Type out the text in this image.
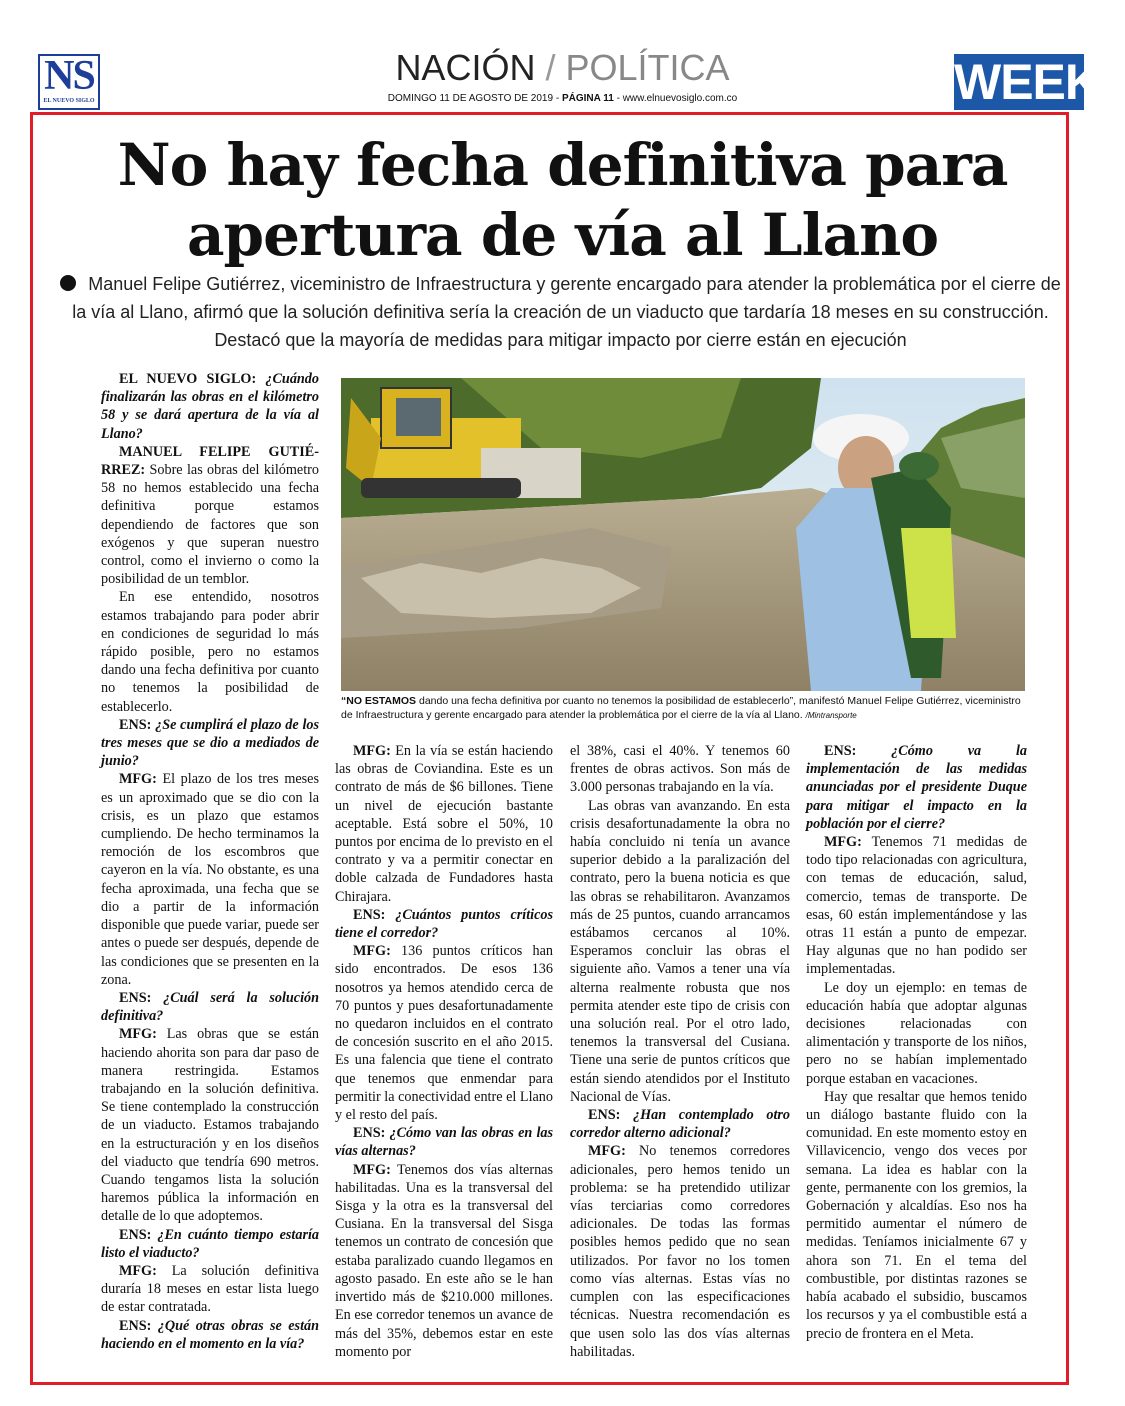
NS
EL NUEVO SIGLO
NACIÓN / POLÍTICA
DOMINGO 11 DE AGOSTO DE 2019 - PÁGINA 11 - www.elnuevosiglo.com.co	WEEK
No hay fecha definitiva para
apertura de vía al Llano
Manuel Felipe Gutiérrez, viceministro de Infraestructura y gerente encargado para atender la problemática por el cierre de la vía al Llano, afirmó que la solución definitiva sería la creación de un viaducto que tardaría 18 meses en su construcción. Destacó que la mayoría de medidas para mitigar impacto por cierre están en ejecución
“NO ESTAMOS dando una fecha definitiva por cuanto no tenemos la posibilidad de establecerlo”, manifestó Manuel Felipe Gutiérrez, viceministro de Infraestructura y gerente encargado para atender la problemática por el cierre de la vía al Llano. /Mintransporte

EL NUEVO SIGLO: ¿Cuándo finalizarán las obras en el kilómetro 58 y se dará apertura de la vía al Llano?

MANUEL FELIPE GUTIÉRREZ: Sobre las obras del kilómetro 58 no hemos establecido una fecha definitiva porque estamos dependiendo de factores que son exógenos y que superan nuestro control, como el invierno o como la posibilidad de un temblor.

En ese entendido, nosotros estamos trabajando para poder abrir en condiciones de seguridad lo más rápido posible, pero no estamos dando una fecha definitiva por cuanto no tenemos la posibilidad de establecerlo.

ENS: ¿Se cumplirá el plazo de los tres meses que se dio a mediados de junio?

MFG: El plazo de los tres meses es un aproximado que se dio con la crisis, es un plazo que estamos cumpliendo. De hecho terminamos la remoción de los escombros que cayeron en la vía. No obstante, es una fecha aproximada, una fecha que se dio a partir de la información disponible que puede variar, puede ser antes o puede ser después, depende de las condiciones que se presenten en la zona.

ENS: ¿Cuál será la solución definitiva?

MFG: Las obras que se están haciendo ahorita son para dar paso de manera restringida. Estamos trabajando en la solución definitiva. Se tiene contemplado la construcción de un viaducto. Estamos trabajando en la estructuración y en los diseños del viaducto que tendría 690 metros. Cuando tengamos lista la solución haremos pública la información en detalle de lo que adoptemos.

ENS: ¿En cuánto tiempo estaría listo el viaducto?

MFG: La solución definitiva duraría 18 meses en estar lista luego de estar contratada.

ENS: ¿Qué otras obras se están haciendo en el momento en la vía?

MFG: En la vía se están haciendo las obras de Coviandina. Este es un contrato de más de $6 billones. Tiene un nivel de ejecución bastante aceptable. Está sobre el 50%, 10 puntos por encima de lo previsto en el contrato y va a permitir conectar en doble calzada de Fundadores hasta Chirajara.

ENS: ¿Cuántos puntos críticos tiene el corredor?

MFG: 136 puntos críticos han sido encontrados. De esos 136 nosotros ya hemos atendido cerca de 70 puntos y pues desafortunadamente no quedaron incluidos en el contrato de concesión suscrito en el año 2015. Es una falencia que tiene el contrato que tenemos que enmendar para permitir la conectividad entre el Llano y el resto del país.

ENS: ¿Cómo van las obras en las vías alternas?

MFG: Tenemos dos vías alternas habilitadas. Una es la transversal del Sisga y la otra es la transversal del Cusiana. En la transversal del Sisga tenemos un contrato de concesión que estaba paralizado cuando llegamos en agosto pasado. En este año se le han invertido más de $210.000 millones. En ese corredor tenemos un avance de más del 35%, debemos estar en este momento por

el 38%, casi el 40%. Y tenemos 60 frentes de obras activos. Son más de 3.000 personas trabajando en la vía.

Las obras van avanzando. En esta crisis desafortunadamente la obra no había concluido ni tenía un avance superior debido a la paralización del contrato, pero la buena noticia es que las obras se rehabilitaron. Avanzamos más de 25 puntos, cuando arrancamos estábamos cercanos al 10%. Esperamos concluir las obras el siguiente año. Vamos a tener una vía alterna realmente robusta que nos permita atender este tipo de crisis con una solución real. Por el otro lado, tenemos la transversal del Cusiana. Tiene una serie de puntos críticos que están siendo atendidos por el Instituto Nacional de Vías.

ENS: ¿Han contemplado otro corredor alterno adicional?

MFG: No tenemos corredores adicionales, pero hemos tenido un problema: se ha pretendido utilizar vías terciarias como corredores adicionales. De todas las formas posibles hemos pedido que no sean utilizados. Por favor no los tomen como vías alternas. Estas vías no cumplen con las especificaciones técnicas. Nuestra recomendación es que usen solo las dos vías alternas habilitadas.

ENS: ¿Cómo va la implementación de las medidas anunciadas por el presidente Duque para mitigar el impacto en la población por el cierre?

MFG: Tenemos 71 medidas de todo tipo relacionadas con agricultura, con temas de educación, salud, comercio, temas de transporte. De esas, 60 están implementándose y las otras 11 están a punto de empezar. Hay algunas que no han podido ser implementadas.

Le doy un ejemplo: en temas de educación había que adoptar algunas decisiones relacionadas con alimentación y transporte de los niños, pero no se habían implementado porque estaban en vacaciones.

Hay que resaltar que hemos tenido un diálogo bastante fluido con la comunidad. En este momento estoy en Villavicencio, vengo dos veces por semana. La idea es hablar con la gente, permanente con los gremios, la Gobernación y alcaldías. Eso nos ha permitido aumentar el número de medidas. Teníamos inicialmente 67 y ahora son 71. En el tema del combustible, por distintas razones se había acabado el subsidio, buscamos los recursos y ya el combustible está a precio de frontera en el Meta.
